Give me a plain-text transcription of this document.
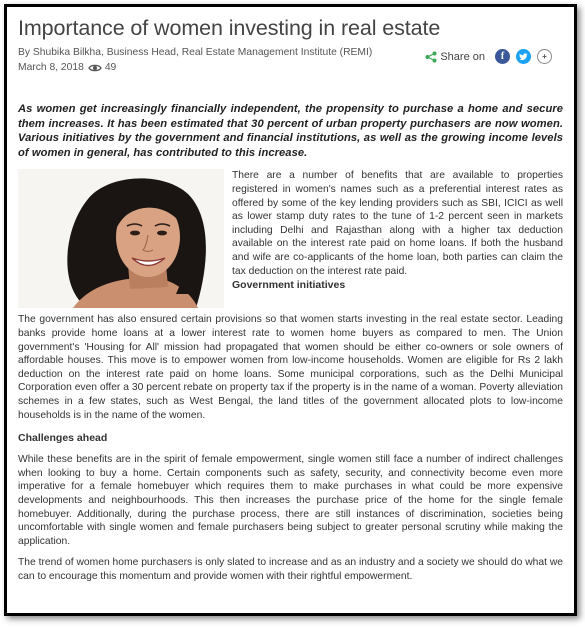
Importance of women investing in real estate
By Shubika Bilkha, Business Head, Real Estate Management Institute (REMI)
March 8, 2018 49
Share on	f	+

As women get increasingly financially independent, the propensity to purchase a home and secure them increases. It has been estimated that 30 percent of urban property purchasers are now women. Various initiatives by the government and financial institutions, as well as the growing income levels of women in general, has contributed to this increase.

There are a number of benefits that are available to properties registered in women's names such as a preferential interest rates as offered by some of the key lending providers such as SBI, ICICI as well as lower stamp duty rates to the tune of 1-2 percent seen in markets including Delhi and Rajasthan along with a higher tax deduction available on the interest rate paid on home loans. If both the husband and wife are co-applicants of the home loan, both parties can claim the tax deduction on the interest rate paid.

Government initiatives

The government has also ensured certain provisions so that women starts investing in the real estate sector. Leading banks provide home loans at a lower interest rate to women home buyers as compared to men. The Union government's 'Housing for All' mission had propagated that women should be either co-owners or sole owners of affordable houses. This move is to empower women from low-income households. Women are eligible for Rs 2 lakh deduction on the interest rate paid on home loans. Some municipal corporations, such as the Delhi Municipal Corporation even offer a 30 percent rebate on property tax if the property is in the name of a woman. Poverty alleviation schemes in a few states, such as West Bengal, the land titles of the government allocated plots to low-income households is in the name of the women.

Challenges ahead

While these benefits are in the spirit of female empowerment, single women still face a number of indirect challenges when looking to buy a home. Certain components such as safety, security, and connectivity become even more imperative for a female homebuyer which requires them to make purchases in what could be more expensive developments and neighbourhoods. This then increases the purchase price of the home for the single female homebuyer. Additionally, during the purchase process, there are still instances of discrimination, societies being uncomfortable with single women and female purchasers being subject to greater personal scrutiny while making the application.

The trend of women home purchasers is only slated to increase and as an industry and a society we should do what we can to encourage this momentum and provide women with their rightful empowerment.
